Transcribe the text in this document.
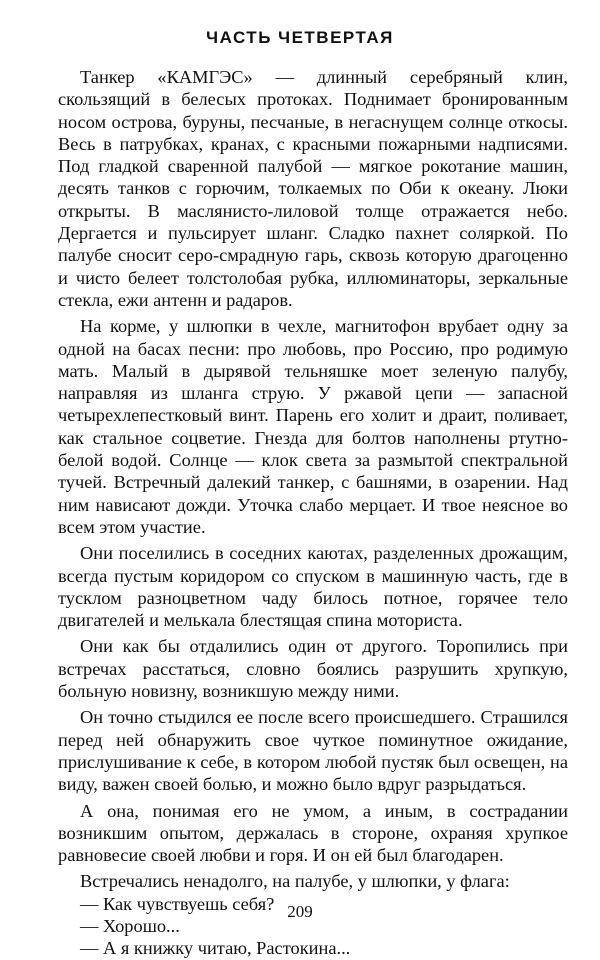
ЧАСТЬ ЧЕТВЕРТАЯ

Танкер «КАМГЭС» — длинный серебряный клин, скользящий в белесых протоках. Поднимает бронированным носом острова, буруны, песчаные, в негаснущем солнце откосы. Весь в патрубках, кранах, с красными пожарными надписями. Под гладкой сваренной палубой — мягкое рокотание машин, десять танков с горючим, толкаемых по Оби к океану. Люки открыты. В маслянисто-лиловой толще отражается небо. Дергается и пульсирует шланг. Сладко пахнет соляркой. По палубе сносит серо-смрадную гарь, сквозь которую драгоценно и чисто белеет толстолобая рубка, иллюминаторы, зеркальные стекла, ежи антенн и радаров.

На корме, у шлюпки в чехле, магнитофон врубает одну за одной на басах песни: про любовь, про Россию, про родимую мать. Малый в дырявой тельняшке моет зеленую палубу, направляя из шланга струю. У ржавой цепи — запасной четырехлепестковый винт. Парень его холит и драит, поливает, как стальное соцветие. Гнезда для болтов наполнены ртутно-белой водой. Солнце — клок света за размытой спектральной тучей. Встречный далекий танкер, с башнями, в озарении. Над ним нависают дожди. Уточка слабо мерцает. И твое неясное во всем этом участие.

Они поселились в соседних каютах, разделенных дрожащим, всегда пустым коридором со спуском в машинную часть, где в тусклом разноцветном чаду билось потное, горячее тело двигателей и мелькала блестящая спина моториста.

Они как бы отдалились один от другого. Торопились при встречах расстаться, словно боялись разрушить хрупкую, больную новизну, возникшую между ними.

Он точно стыдился ее после всего происшедшего. Страшился перед ней обнаружить свое чуткое поминутное ожидание, прислушивание к себе, в котором любой пустяк был освещен, на виду, важен своей болью, и можно было вдруг разрыдаться.

А она, понимая его не умом, а иным, в сострадании возникшим опытом, держалась в стороне, охраняя хрупкое равновесие своей любви и горя. И он ей был благодарен.

Встречались ненадолго, на палубе, у шлюпки, у флага:

— Как чувствуешь себя?

— Хорошо...

— А я книжку читаю, Растокина...

209
